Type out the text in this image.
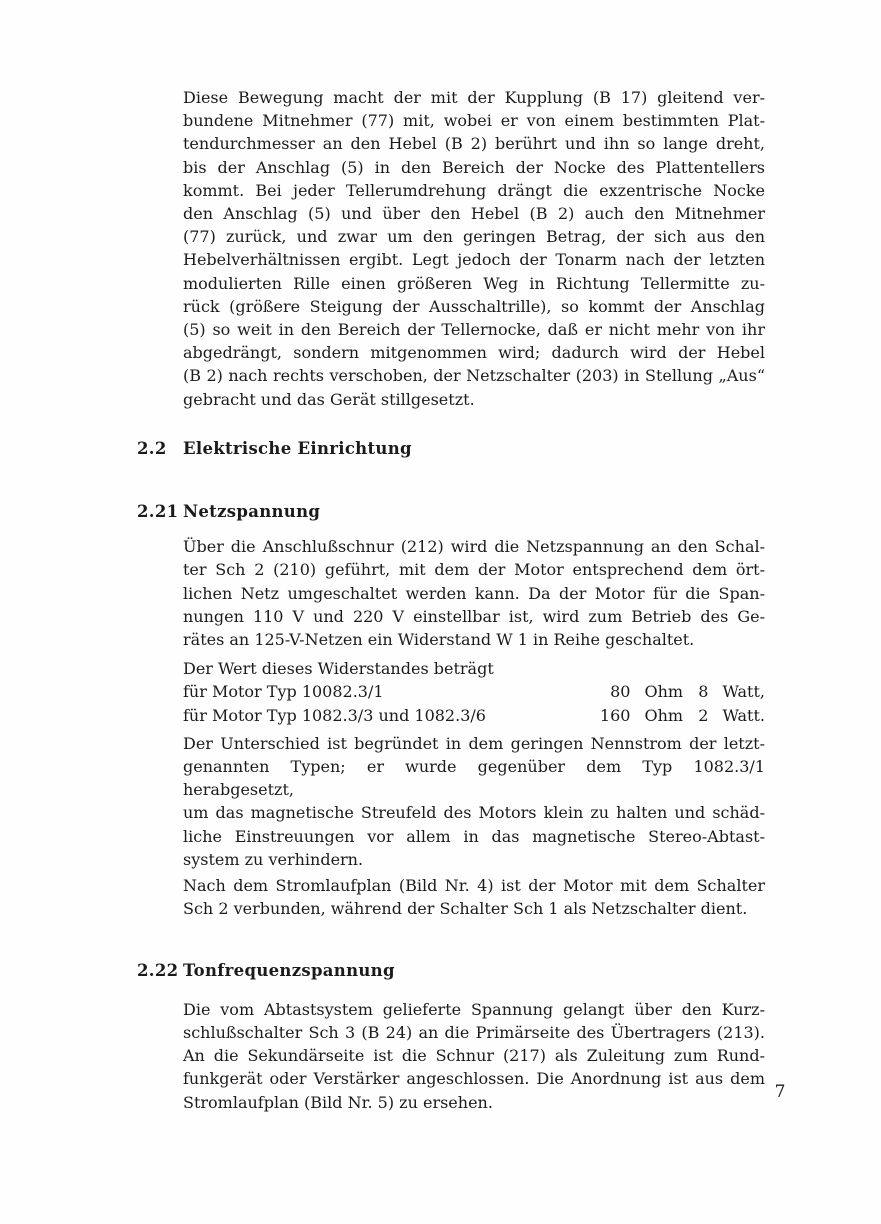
Diese Bewegung macht der mit der Kupplung (B 17) gleitend ver-
bundene Mitnehmer (77) mit, wobei er von einem bestimmten Plat-
tendurchmesser an den Hebel (B 2) berührt und ihn so lange dreht,
bis der Anschlag (5) in den Bereich der Nocke des Plattentellers
kommt. Bei jeder Tellerumdrehung drängt die exzentrische Nocke
den Anschlag (5) und über den Hebel (B 2) auch den Mitnehmer
(77) zurück, und zwar um den geringen Betrag, der sich aus den
Hebelverhältnissen ergibt. Legt jedoch der Tonarm nach der letzten
modulierten Rille einen größeren Weg in Richtung Tellermitte zu-
rück (größere Steigung der Ausschaltrille), so kommt der Anschlag
(5) so weit in den Bereich der Tellernocke, daß er nicht mehr von ihr
abgedrängt, sondern mitgenommen wird; dadurch wird der Hebel
(B 2) nach rechts verschoben, der Netzschalter (203) in Stellung „Aus“
gebracht und das Gerät stillgesetzt.
2.2 Elektrische Einrichtung
2.21 Netzspannung
Über die Anschlußschnur (212) wird die Netzspannung an den Schal-
ter Sch 2 (210) geführt, mit dem der Motor entsprechend dem ört-
lichen Netz umgeschaltet werden kann. Da der Motor für die Span-
nungen 110 V und 220 V einstellbar ist, wird zum Betrieb des Ge-
rätes an 125-V-Netzen ein Widerstand W 1 in Reihe geschaltet.
Der Wert dieses Widerstandes beträgt
für Motor Typ 10082.3/1	80 Ohm 8 Watt,
für Motor Typ 1082.3/3 und 1082.3/6	160 Ohm 2 Watt.
Der Unterschied ist begründet in dem geringen Nennstrom der letzt-
genannten Typen; er wurde gegenüber dem Typ 1082.3/1 herabgesetzt,
um das magnetische Streufeld des Motors klein zu halten und schäd-
liche Einstreuungen vor allem in das magnetische Stereo-Abtast-
system zu verhindern.
Nach dem Stromlaufplan (Bild Nr. 4) ist der Motor mit dem Schalter
Sch 2 verbunden, während der Schalter Sch 1 als Netzschalter dient.
2.22 Tonfrequenzspannung
Die vom Abtastsystem gelieferte Spannung gelangt über den Kurz-
schlußschalter Sch 3 (B 24) an die Primärseite des Übertragers (213).
An die Sekundärseite ist die Schnur (217) als Zuleitung zum Rund-
funkgerät oder Verstärker angeschlossen. Die Anordnung ist aus dem
Stromlaufplan (Bild Nr. 5) zu ersehen.
7
